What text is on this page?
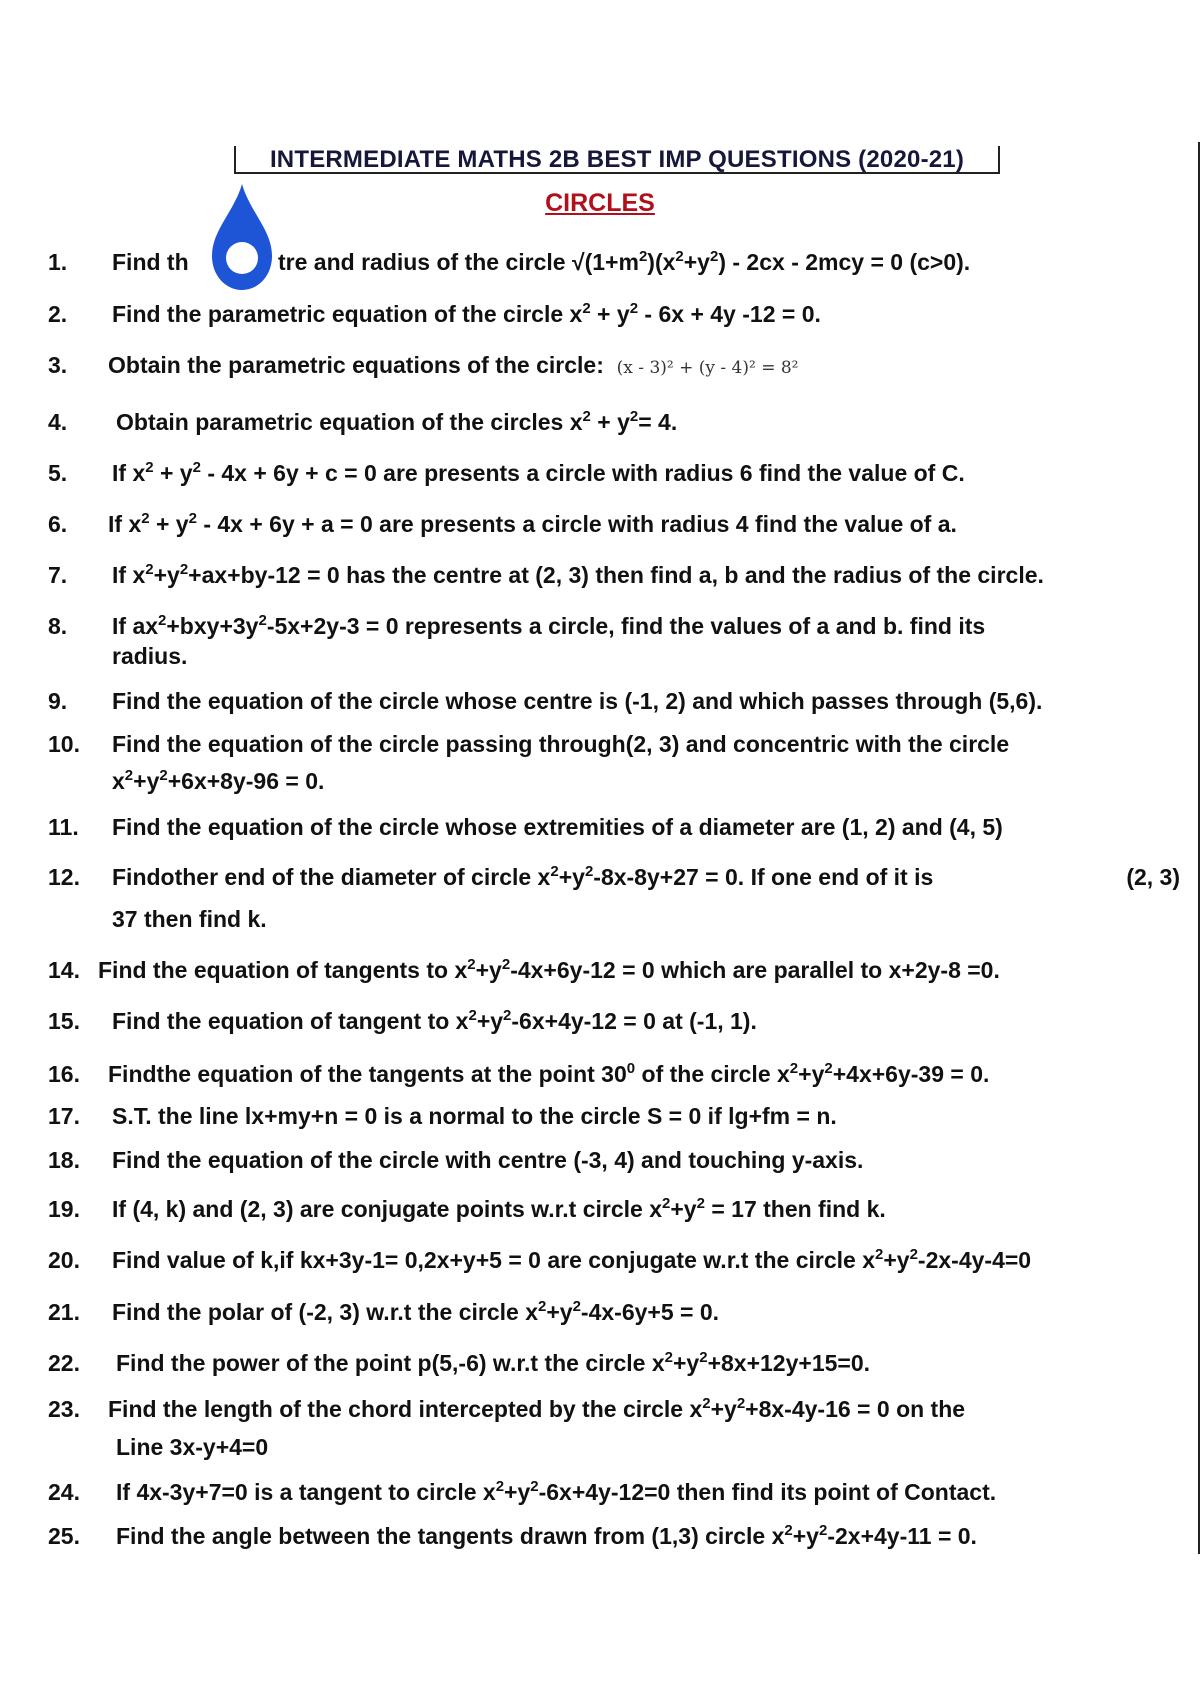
INTERMEDIATE MATHS 2B BEST IMP QUESTIONS (2020-21)
CIRCLES
1.	Find th	tre and radius of the circle $√(1+m^2)(x^2+y^2) - 2cx - 2mcy = 0$ (c>0).
2.	Find the parametric equation of the circle $x^2 + y^2 - 6x + 4y$ -12 = 0.
3.	Obtain the parametric equations of the circle: (x - 3)² + (y - 4)² = 8²
4.	Obtain parametric equation of the circles $x^2 + y^2= 4$.
5.	If $x^2 + y^2 - 4x + 6y + c = 0$ are presents a circle with radius 6 find the value of C.
6.	If $x^2 + y^2 - 4x + 6y + a = 0$ are presents a circle with radius 4 find the value of a.
7.	If $x^2+y^2+ax+by-12 = 0$ has the centre at (2, 3) then find a, b and the radius of the circle.
8.	If $ax^2+bxy+3y^2-5x+2y-3 = 0$ represents a circle, find the values of a and b. find its
radius.
9.	Find the equation of the circle whose centre is (-1, 2) and which passes through (5,6).
10.	Find the equation of the circle passing through(2, 3) and concentric with the circle
$x^2+y^2+6x+8y-96 = 0$.
11.	Find the equation of the circle whose extremities of a diameter are (1, 2) and (4, 5)
12.	Findother end of the diameter of circle $x^2+y^2-8x-8y+27 = 0$. If one end of it is	(2, 3)
37 then find k.
14. Find the equation of tangents to $x^2+y^2-4x+6y-12 = 0$ which are parallel to x+2y-8 =0.
15.	Find the equation of tangent to $x^2+y^2-6x+4y-12 = 0$ at (-1, 1).
16.	Findthe equation of the tangents at the point $30^0$ of the circle $x^2+y^2+4x+6y-39 = 0$.
17.	S.T. the line lx+my+n = 0 is a normal to the circle S = 0 if lg+fm = n.
18.	Find the equation of the circle with centre (-3, 4) and touching y-axis.
19.	If (4, k) and (2, 3) are conjugate points w.r.t circle $x^2+y^2 = 17$ then find k.
20.	Find value of k,if kx+3y-1= 0,2x+y+5 = 0 are conjugate w.r.t the circle $x^2+y^2-2x-4y-4=0$
21.	Find the polar of (-2, 3) w.r.t the circle $x^2+y^2-4x-6y+5 = 0$.
22.	Find the power of the point p(5,-6) w.r.t the circle $x^2+y^2+8x+12y+15=0$.
23.	Find the length of the chord intercepted by the circle $x^2+y^2+8x-4y-16 = 0$ on the
Line 3x-y+4=0
24.	If 4x-3y+7=0 is a tangent to circle $x^2+y^2-6x+4y-12=0$ then find its point of Contact.
25.	Find the angle between the tangents drawn from (1,3) circle $x^2+y^2-2x+4y-11 = 0$.
